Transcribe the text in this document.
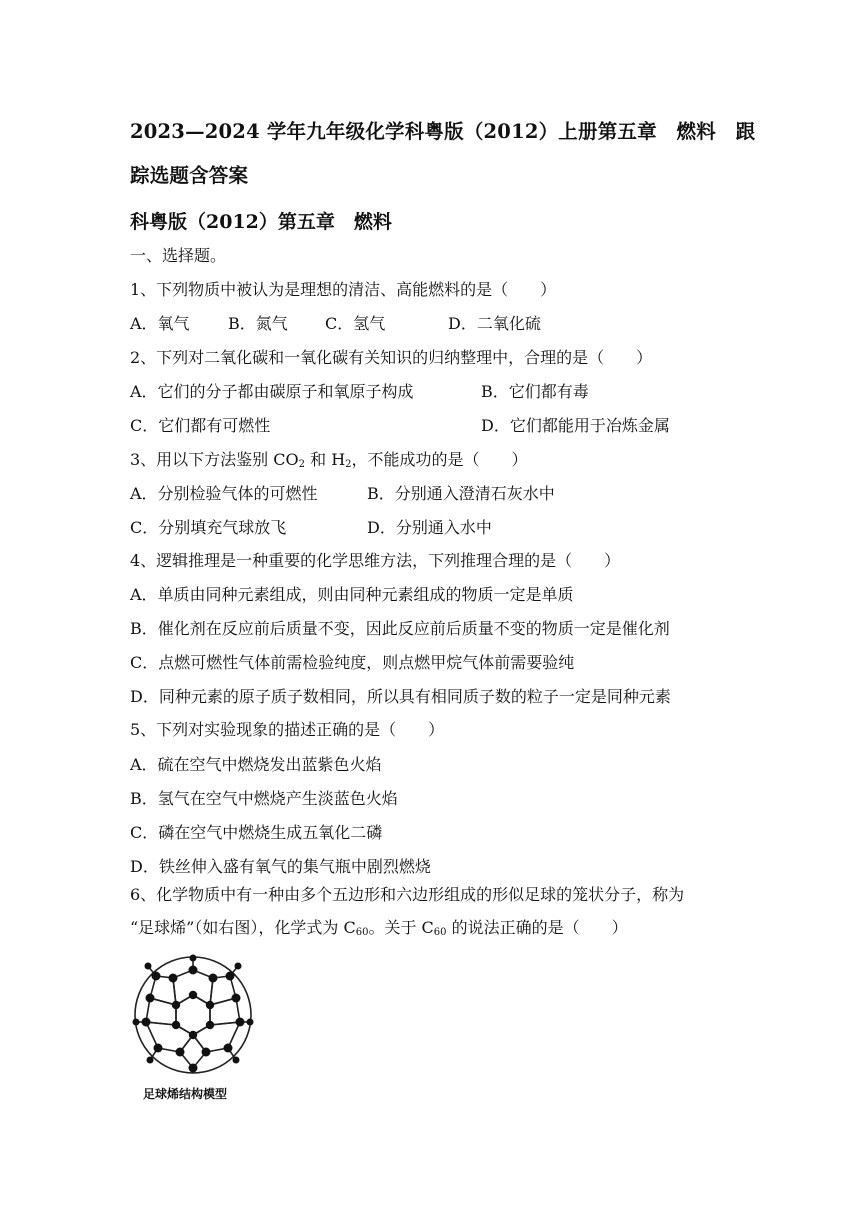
2023—2024 学年九年级化学科粤版（2012）上册第五章　燃料　跟
踪选题含答案
科粤版（2012）第五章　燃料
一、选择题。
1、下列物质中被认为是理想的清洁、高能燃料的是（　　）
A．氧气 B．氮气 C．氢气	D．二氧化硫
2、下列对二氧化碳和一氧化碳有关知识的归纳整理中，合理的是（　　）
A．它们的分子都由碳原子和氧原子构成	B．它们都有毒
C．它们都有可燃性	D．它们都能用于冶炼金属
3、用以下方法鉴别 $CO_2$ 和 $H_2$，不能成功的是（　　）
A．分别检验气体的可燃性	B．分别通入澄清石灰水中
C．分别填充气球放飞	D．分别通入水中
4、逻辑推理是一种重要的化学思维方法，下列推理合理的是（　　）
A．单质由同种元素组成，则由同种元素组成的物质一定是单质
B．催化剂在反应前后质量不变，因此反应前后质量不变的物质一定是催化剂
C．点燃可燃性气体前需检验纯度，则点燃甲烷气体前需要验纯
D．同种元素的原子质子数相同，所以具有相同质子数的粒子一定是同种元素
5、下列对实验现象的描述正确的是（　　）
A．硫在空气中燃烧发出蓝紫色火焰
B．氢气在空气中燃烧产生淡蓝色火焰
C．磷在空气中燃烧生成五氧化二磷
D．铁丝伸入盛有氧气的集气瓶中剧烈燃烧
6、化学物质中有一种由多个五边形和六边形组成的形似足球的笼状分子，称为
“足球烯”（如右图），化学式为 $C_{60}$。关于 $C_{60}$ 的说法正确的是（　　）
足球烯结构模型
